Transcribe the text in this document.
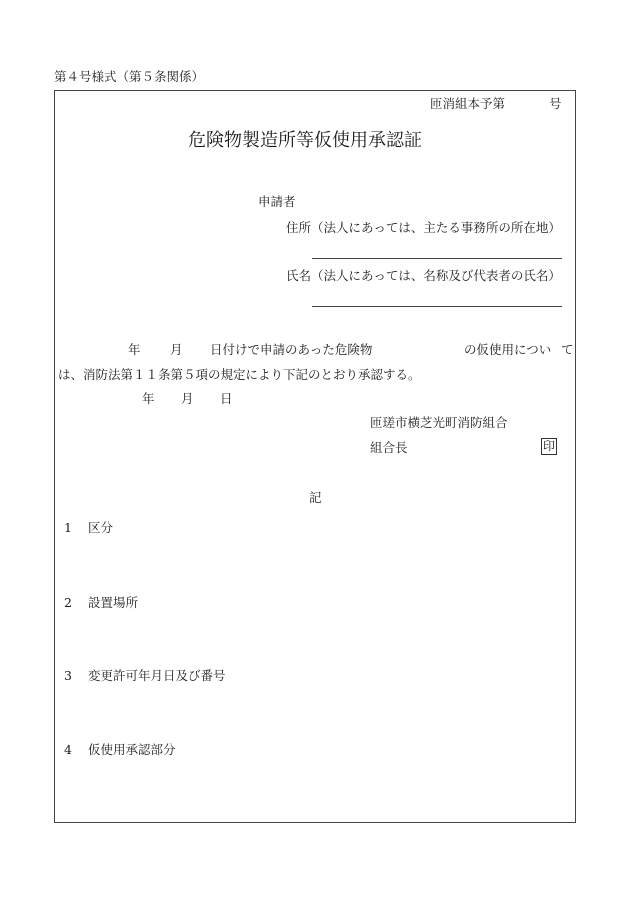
第４号様式（第５条関係）
匝消組本予第	号
危険物製造所等仮使用承認証
申請者
住所（法人にあっては、主たる事務所の所在地）
氏名（法人にあっては、名称及び代表者の氏名）
年 月 日付けで申請のあった危険物	の仮使用につい て
は、消防法第１１条第５項の規定により下記のとおり承認する。
年 月 日
匝瑳市横芝光町消防組合
組合長	印
記
1 区分
2 設置場所
3 変更許可年月日及び番号
4 仮使用承認部分
